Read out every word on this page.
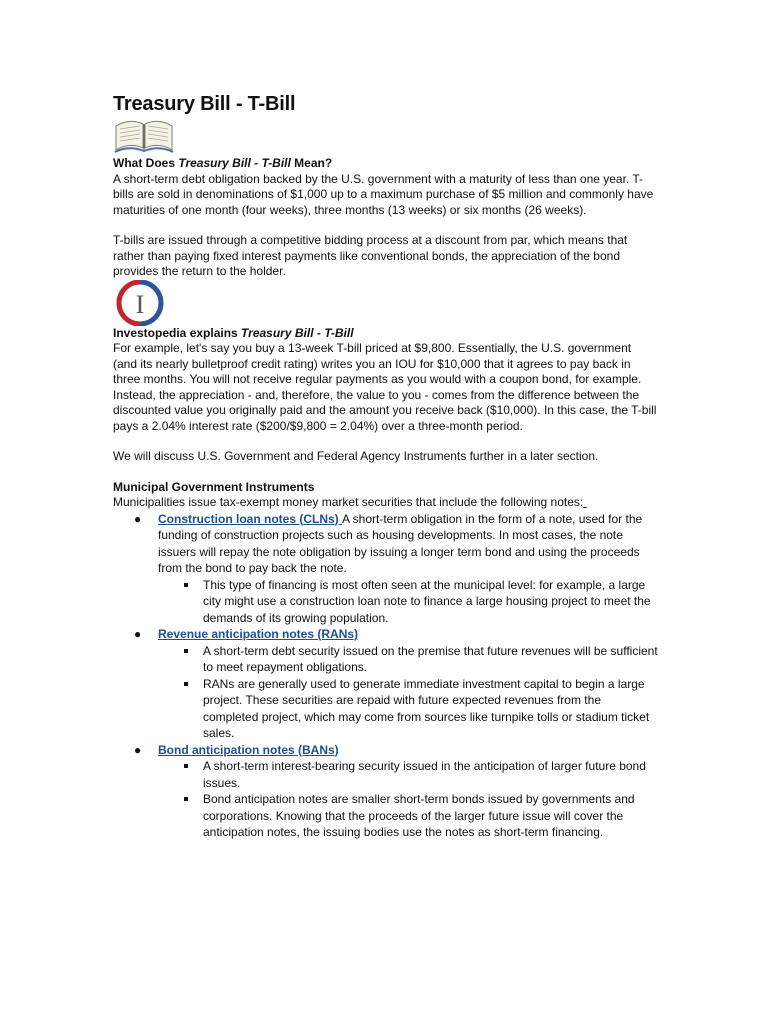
Treasury Bill - T-Bill
What Does Treasury Bill - T-Bill Mean?

A short-term debt obligation backed by the U.S. government with a maturity of less than one year. T-bills are sold in denominations of $1,000 up to a maximum purchase of $5 million and commonly have maturities of one month (four weeks), three months (13 weeks) or six months (26 weeks).

T-bills are issued through a competitive bidding process at a discount from par, which means that rather than paying fixed interest payments like conventional bonds, the appreciation of the bond provides the return to the holder.

I
Investopedia explains Treasury Bill - T-Bill

For example, let's say you buy a 13-week T-bill priced at $9,800. Essentially, the U.S. government (and its nearly bulletproof credit rating) writes you an IOU for $10,000 that it agrees to pay back in three months. You will not receive regular payments as you would with a coupon bond, for example. Instead, the appreciation - and, therefore, the value to you - comes from the difference between the discounted value you originally paid and the amount you receive back ($10,000). In this case, the T-bill pays a 2.04% interest rate ($200/$9,800 = 2.04%) over a three-month period.

We will discuss U.S. Government and Federal Agency Instruments further in a later section.

Municipal Government Instruments

Municipalities issue tax-exempt money market securities that include the following notes:

● Construction loan notes (CLNs) A short-term obligation in the form of a note, used for the funding of construction projects such as housing developments. In most cases, the note issuers will repay the note obligation by issuing a longer term bond and using the proceeds from the bond to pay back the note.
This type of financing is most often seen at the municipal level: for example, a large city might use a construction loan note to finance a large housing project to meet the demands of its growing population.
● Revenue anticipation notes (RANs)
A short-term debt security issued on the premise that future revenues will be sufficient to meet repayment obligations.
RANs are generally used to generate immediate investment capital to begin a large project. These securities are repaid with future expected revenues from the completed project, which may come from sources like turnpike tolls or stadium ticket sales.
● Bond anticipation notes (BANs)
A short-term interest-bearing security issued in the anticipation of larger future bond issues.
Bond anticipation notes are smaller short-term bonds issued by governments and corporations. Knowing that the proceeds of the larger future issue will cover the anticipation notes, the issuing bodies use the notes as short-term financing.
